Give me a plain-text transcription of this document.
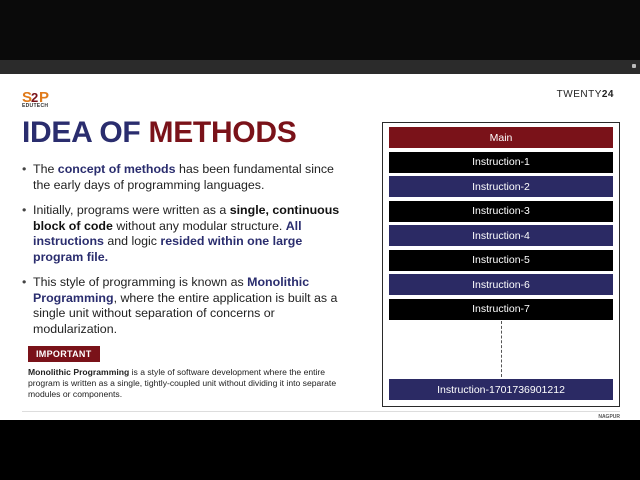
S
2 P
EDUTECH
TWENTY24
IDEA OF METHODS
• The concept of methods has been fundamental since the early days of programming languages.
• Initially, programs were written as a single, continuous block of code without any modular structure. All instructions and logic resided within one large program file.
• This style of programming is known as Monolithic Programming, where the entire application is built as a single unit without separation of concerns or modularization.
IMPORTANT

Monolithic Programming is a style of software development where the entire program is written as a single, tightly-coupled unit without dividing it into separate modules or components.

NAGPUR
Main
Instruction-1
Instruction-2
Instruction-3
Instruction-4
Instruction-5
Instruction-6
Instruction-7
Instruction-1701736901212
